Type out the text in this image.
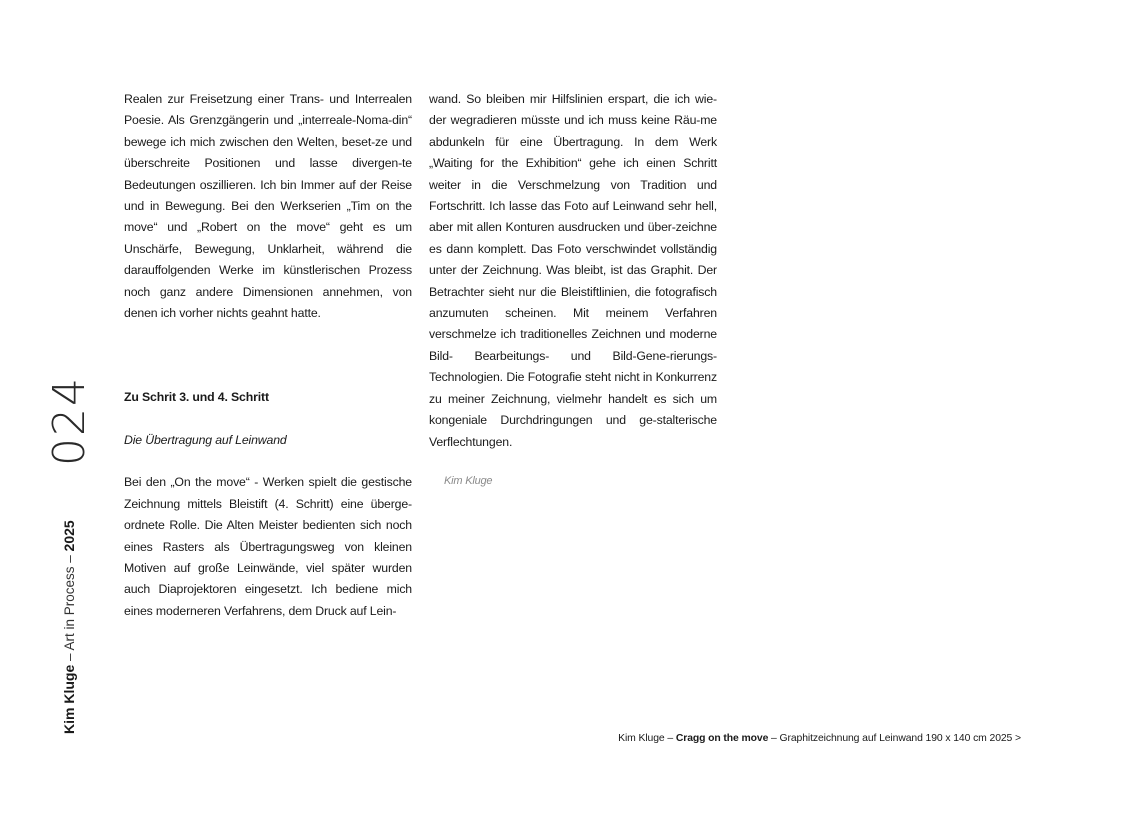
Realen zur Freisetzung einer Trans- und Interrealen Poesie. Als Grenzgängerin und „interreale-Noma-din“ bewege ich mich zwischen den Welten, beset-ze und überschreite Positionen und lasse divergen-te Bedeutungen oszillieren. Ich bin Immer auf der Reise und in Bewegung. Bei den Werkserien „Tim on the move“ und „Robert on the move“ geht es um Unschärfe, Bewegung, Unklarheit, während die darauffolgenden Werke im künstlerischen Prozess noch ganz andere Dimensionen annehmen, von denen ich vorher nichts geahnt hatte.

Zu Schrit 3. und 4. Schritt

Die Übertragung auf Leinwand

Bei den „On the move“ - Werken spielt die gestische Zeichnung mittels Bleistift (4. Schritt) eine überge-ordnete Rolle. Die Alten Meister bedienten sich noch eines Rasters als Übertragungsweg von kleinen Motiven auf große Leinwände, viel später wurden auch Diaprojektoren eingesetzt. Ich bediene mich eines moderneren Verfahrens, dem Druck auf Lein-

wand. So bleiben mir Hilfslinien erspart, die ich wie-der wegradieren müsste und ich muss keine Räu-me abdunkeln für eine Übertragung. In dem Werk „Waiting for the Exhibition“ gehe ich einen Schritt weiter in die Verschmelzung von Tradition und Fortschritt. Ich lasse das Foto auf Leinwand sehr hell, aber mit allen Konturen ausdrucken und über-zeichne es dann komplett. Das Foto verschwindet vollständig unter der Zeichnung. Was bleibt, ist das Graphit. Der Betrachter sieht nur die Bleistiftlinien, die fotografisch anzumuten scheinen. Mit meinem Verfahren verschmelze ich traditionelles Zeichnen und moderne Bild- Bearbeitungs- und Bild-Gene-rierungs-Technologien. Die Fotografie steht nicht in Konkurrenz zu meiner Zeichnung, vielmehr handelt es sich um kongeniale Durchdringungen und ge-stalterische Verflechtungen.

Kim Kluge
Kim Kluge – Art in Process – 2025
024
Kim Kluge – Cragg on the move – Graphitzeichnung auf Leinwand 190 x 140 cm 2025 >
